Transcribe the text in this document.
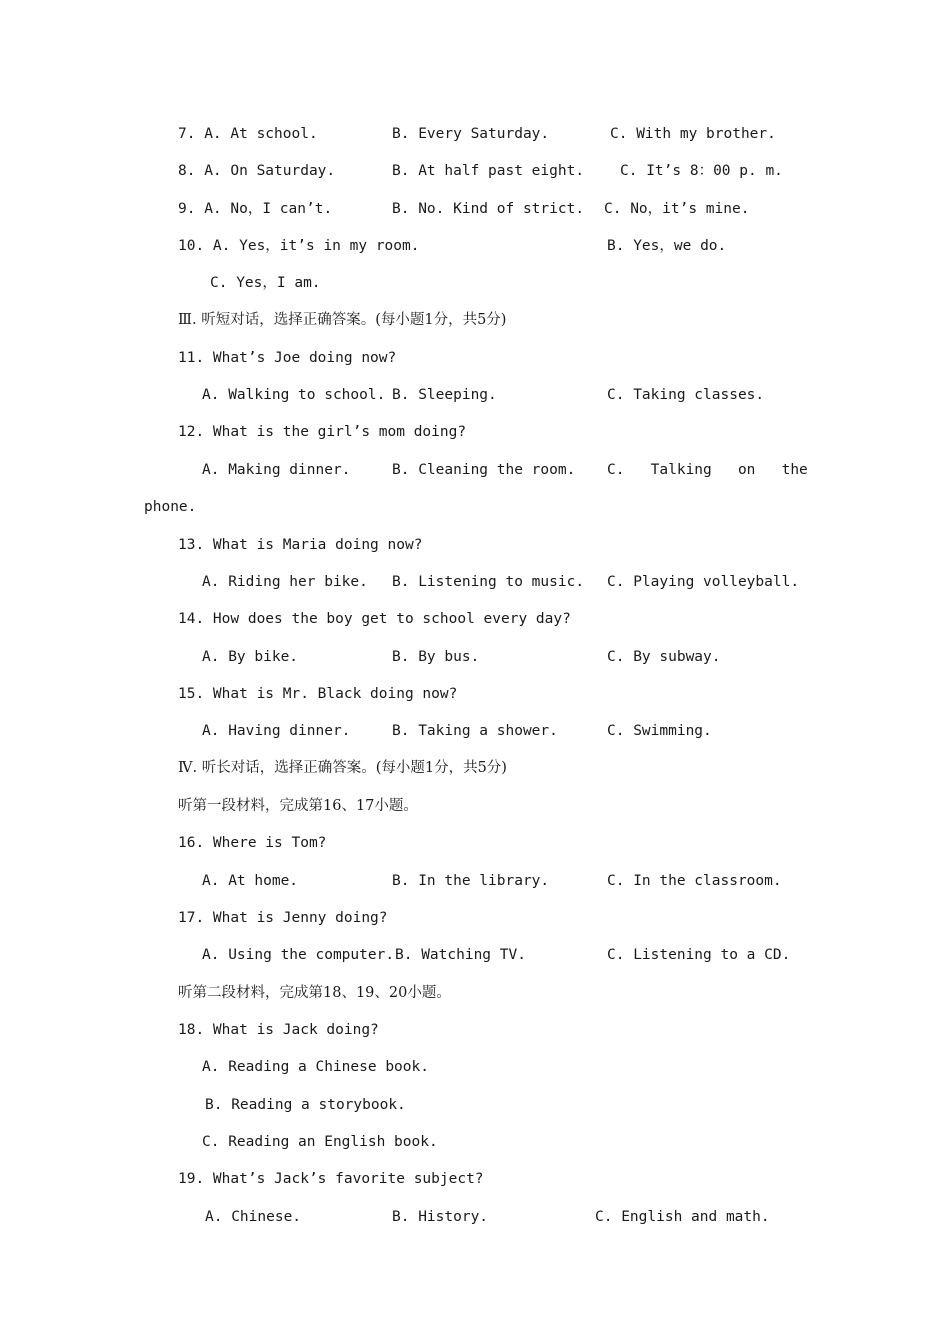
7. A. At school.	B. Every Saturday.	C. With my brother.
8. A. On Saturday.	B. At half past eight. C. It’s 8：00 p. m.
9. A. No，I can’t.	B. No. Kind of strict. C. No，it’s mine.
10. A. Yes，it’s in my room.	B. Yes，we do.
C. Yes，I am.
Ⅲ. 听短对话，选择正确答案。(每小题1分，共5分)
11. What’s Joe doing now?
A. Walking to school. B. Sleeping.	C. Taking classes.
12. What is the girl’s mom doing?
A. Making dinner.	B. Cleaning the room. C.   Talking   on   the
phone.
13. What is Maria doing now?
A. Riding her bike. B. Listening to music. C. Playing volleyball.
14. How does the boy get to school every day?
A. By bike.	B. By bus.	C. By subway.
15. What is Mr. Black doing now?
A. Having dinner.	B. Taking a shower.	C. Swimming.
Ⅳ. 听长对话，选择正确答案。(每小题1分，共5分)
听第一段材料，完成第16、17小题。
16. Where is Tom?
A. At home.	B. In the library.	C. In the classroom.
17. What is Jenny doing?
A. Using the computer. B. Watching TV.	C. Listening to a CD.
听第二段材料，完成第18、19、20小题。
18. What is Jack doing?
A. Reading a Chinese book.
B. Reading a storybook.
C. Reading an English book.
19. What’s Jack’s favorite subject?
A. Chinese.	B. History.	C. English and math.
